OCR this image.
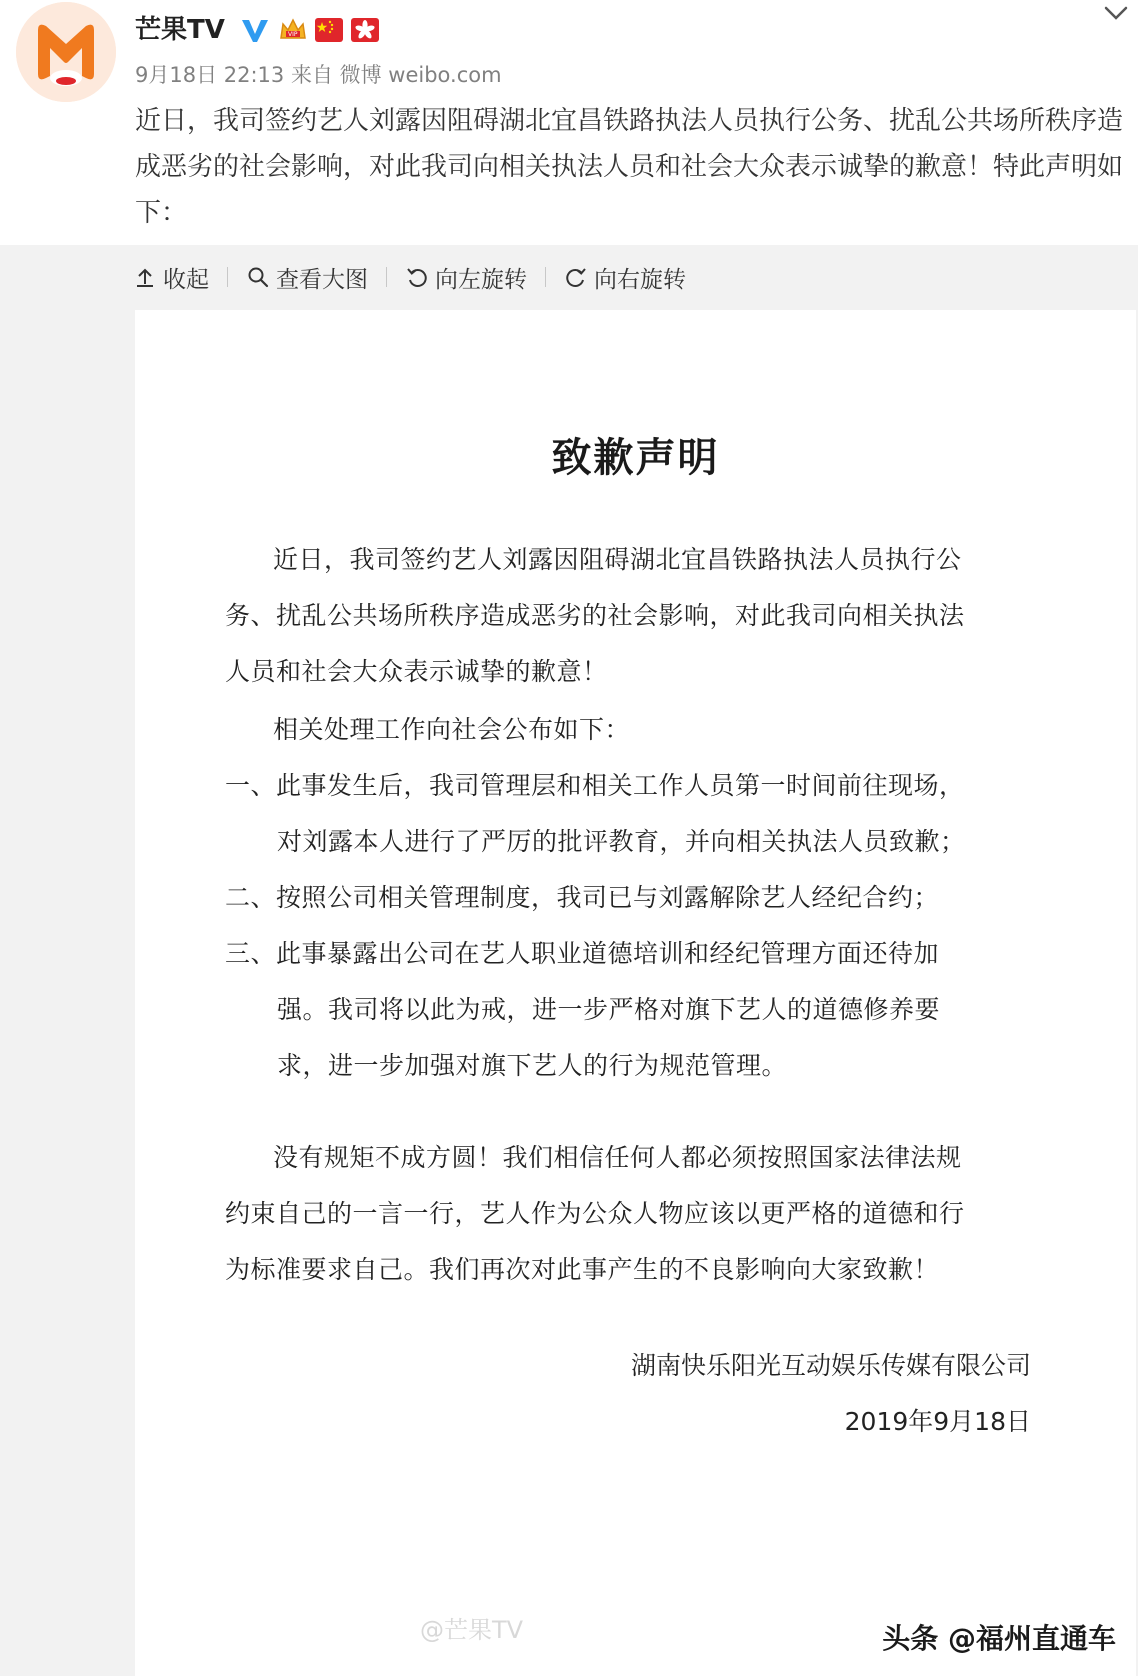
芒果TV	VIP
9月18日 22:13 来自 微博 weibo.com
近日，我司签约艺人刘露因阻碍湖北宜昌铁路执法人员执行公务、扰乱公共场所秩序造成恶劣的社会影响，对此我司向相关执法人员和社会大众表示诚挚的歉意！特此声明如下：
收起	查看大图	向左旋转	向右旋转
致歉声明
近日，我司签约艺人刘露因阻碍湖北宜昌铁路执法人员执行公
务、扰乱公共场所秩序造成恶劣的社会影响，对此我司向相关执法
人员和社会大众表示诚挚的歉意！
相关处理工作向社会公布如下：
一、此事发生后，我司管理层和相关工作人员第一时间前往现场，
对刘露本人进行了严厉的批评教育，并向相关执法人员致歉；
二、按照公司相关管理制度，我司已与刘露解除艺人经纪合约；
三、此事暴露出公司在艺人职业道德培训和经纪管理方面还待加
强。我司将以此为戒，进一步严格对旗下艺人的道德修养要
求，进一步加强对旗下艺人的行为规范管理。
没有规矩不成方圆！我们相信任何人都必须按照国家法律法规
约束自己的一言一行，艺人作为公众人物应该以更严格的道德和行
为标准要求自己。我们再次对此事产生的不良影响向大家致歉！
湖南快乐阳光互动娱乐传媒有限公司
2019年9月18日
@芒果TV	头条 @福州直通车
